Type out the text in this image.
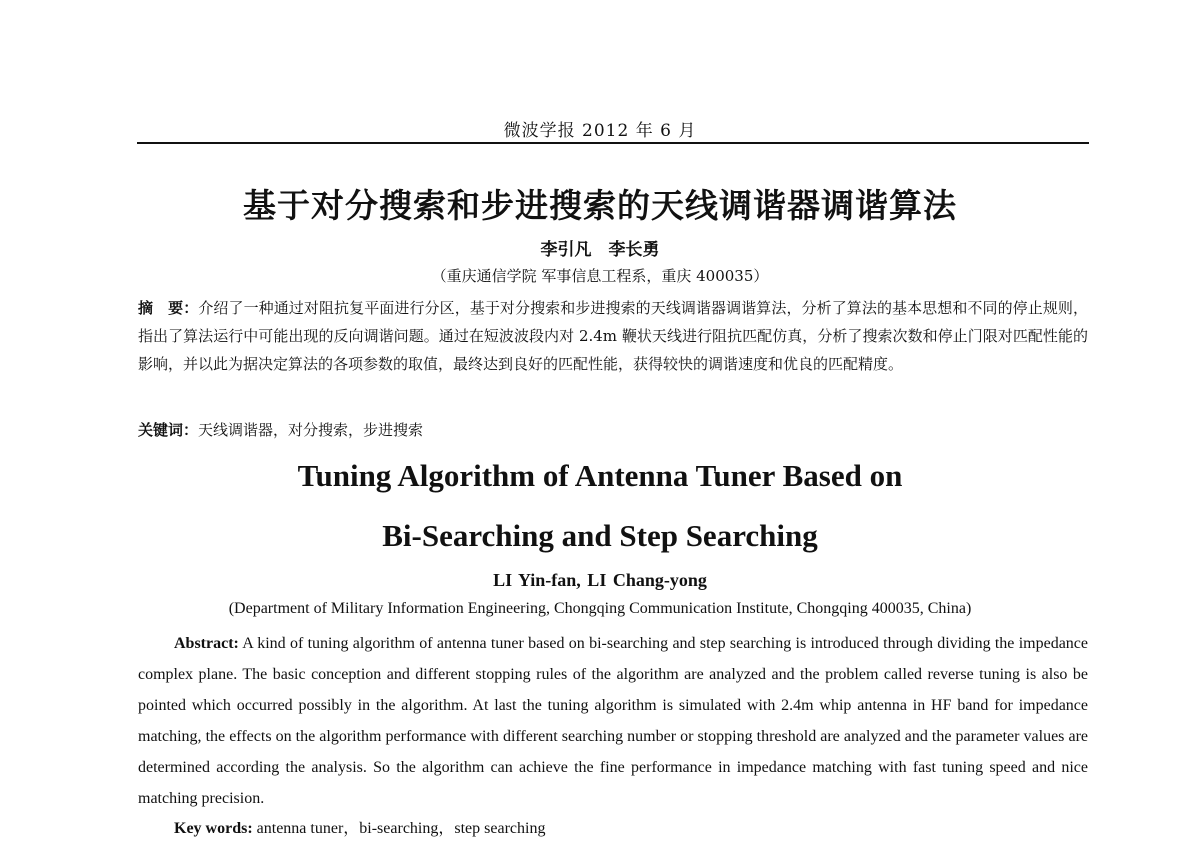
微波学报 2012 年 6 月
基于对分搜索和步进搜索的天线调谐器调谐算法
李引凡　李长勇
（重庆通信学院 军事信息工程系，重庆 400035）
摘　要：介绍了一种通过对阻抗复平面进行分区，基于对分搜索和步进搜索的天线调谐器调谐算法，分析了算法的基本思想和不同的停止规则，指出了算法运行中可能出现的反向调谐问题。通过在短波波段内对 2.4m 鞭状天线进行阻抗匹配仿真，分析了搜索次数和停止门限对匹配性能的影响，并以此为据决定算法的各项参数的取值，最终达到良好的匹配性能，获得较快的调谐速度和优良的匹配精度。
关键词：天线调谐器，对分搜索，步进搜索
Tuning Algorithm of Antenna Tuner Based on
Bi-Searching and Step Searching
LI Yin-fan, LI Chang-yong
(Department of Military Information Engineering, Chongqing Communication Institute, Chongqing 400035, China)
Abstract: A kind of tuning algorithm of antenna tuner based on bi-searching and step searching is introduced through dividing the impedance complex plane. The basic conception and different stopping rules of the algorithm are analyzed and the problem called reverse tuning is also be pointed which occurred possibly in the algorithm. At last the tuning algorithm is simulated with 2.4m whip antenna in HF band for impedance matching, the effects on the algorithm performance with different searching number or stopping threshold are analyzed and the parameter values are determined according the analysis. So the algorithm can achieve the fine performance in impedance matching with fast tuning speed and nice matching precision.
Key words: antenna tuner，bi-searching，step searching
